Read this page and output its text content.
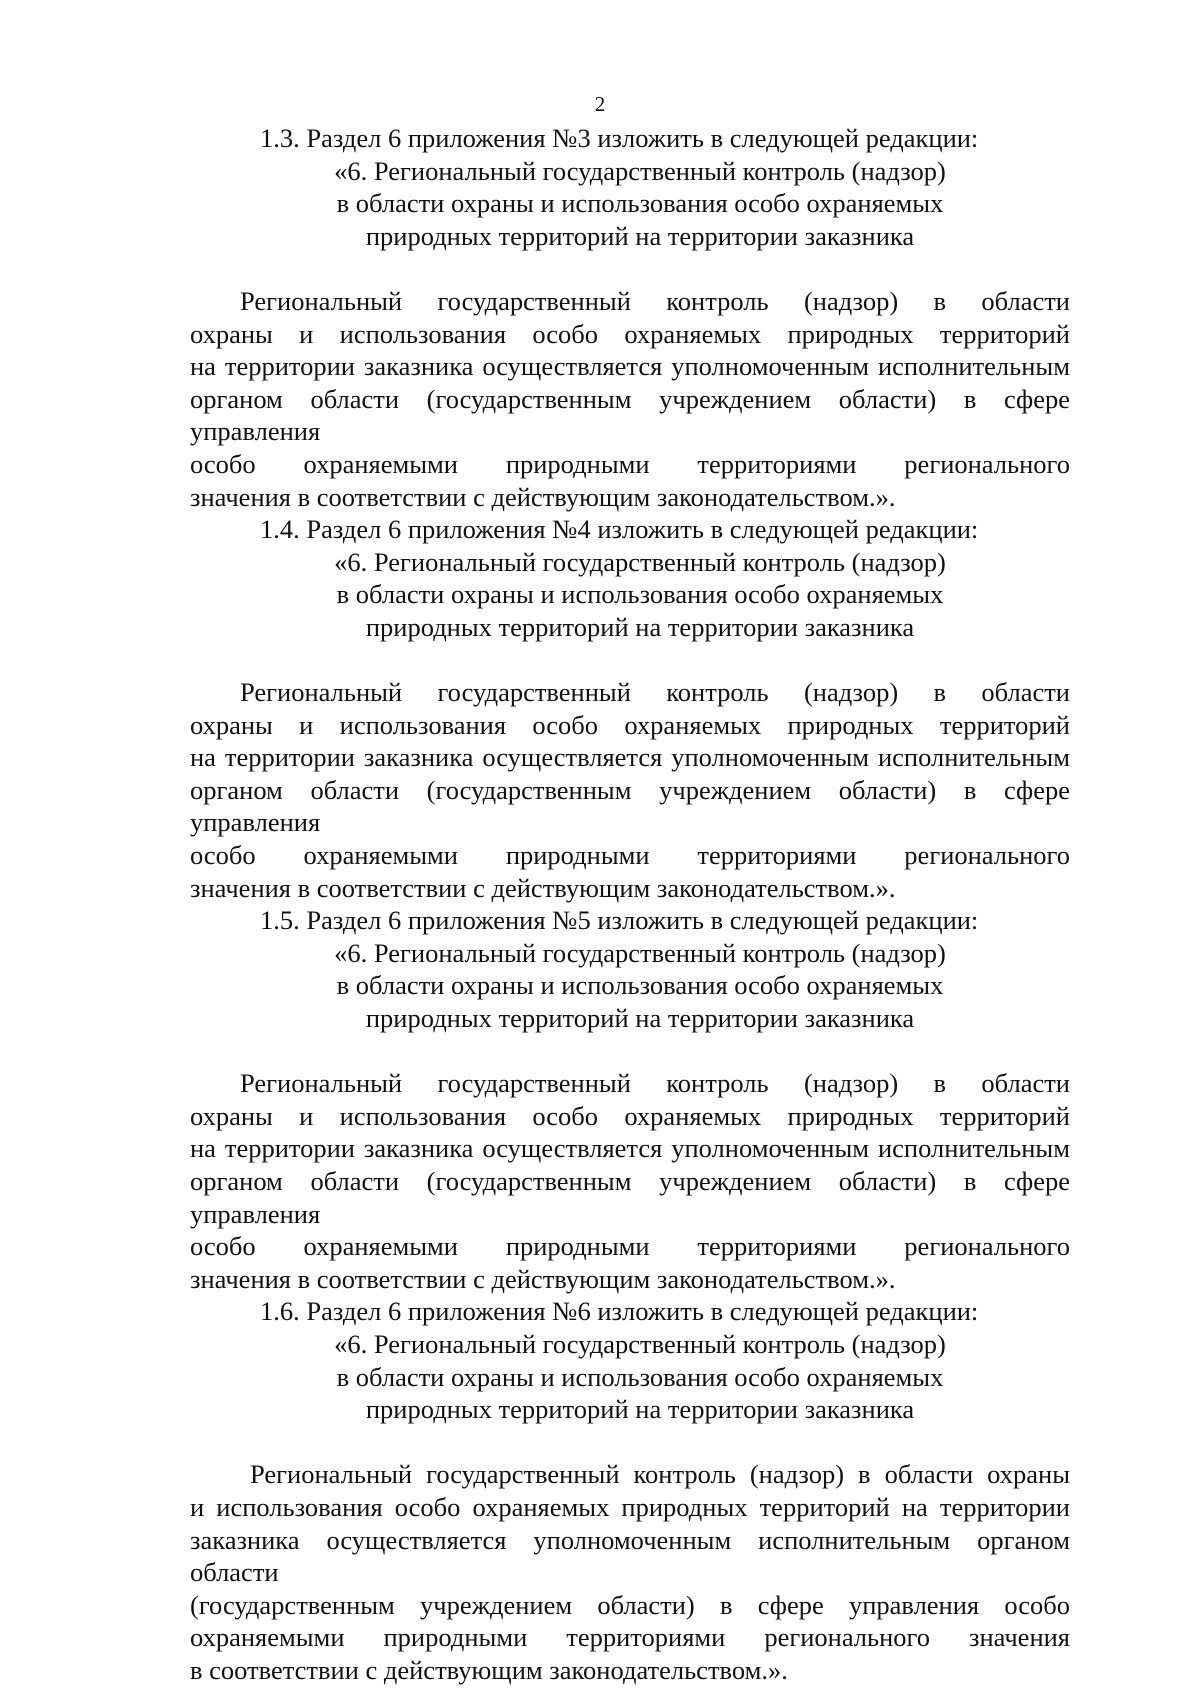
2

1.3. Раздел 6 приложения №3 изложить в следующей редакции:

«6. Региональный государственный контроль (надзор)
в области охраны и использования особо охраняемых
природных территорий на территории заказника

Региональный государственный контроль (надзор) в области
охраны и использования особо охраняемых природных территорий
на территории заказника осуществляется уполномоченным исполнительным
органом области (государственным учреждением области) в сфере управления
особо охраняемыми природными территориями регионального
значения в соответствии с действующим законодательством.».

1.4. Раздел 6 приложения №4 изложить в следующей редакции:

«6. Региональный государственный контроль (надзор)
в области охраны и использования особо охраняемых
природных территорий на территории заказника

Региональный государственный контроль (надзор) в области
охраны и использования особо охраняемых природных территорий
на территории заказника осуществляется уполномоченным исполнительным
органом области (государственным учреждением области) в сфере управления
особо охраняемыми природными территориями регионального
значения в соответствии с действующим законодательством.».

1.5. Раздел 6 приложения №5 изложить в следующей редакции:

«6. Региональный государственный контроль (надзор)
в области охраны и использования особо охраняемых
природных территорий на территории заказника

Региональный государственный контроль (надзор) в области
охраны и использования особо охраняемых природных территорий
на территории заказника осуществляется уполномоченным исполнительным
органом области (государственным учреждением области) в сфере управления
особо охраняемыми природными территориями регионального
значения в соответствии с действующим законодательством.».

1.6. Раздел 6 приложения №6 изложить в следующей редакции:

«6. Региональный государственный контроль (надзор)
в области охраны и использования особо охраняемых
природных территорий на территории заказника

Региональный государственный контроль (надзор) в области охраны
и использования особо охраняемых природных территорий на территории
заказника осуществляется уполномоченным исполнительным органом области
(государственным учреждением области) в сфере управления особо
охраняемыми природными территориями регионального значения
в соответствии с действующим законодательством.».
